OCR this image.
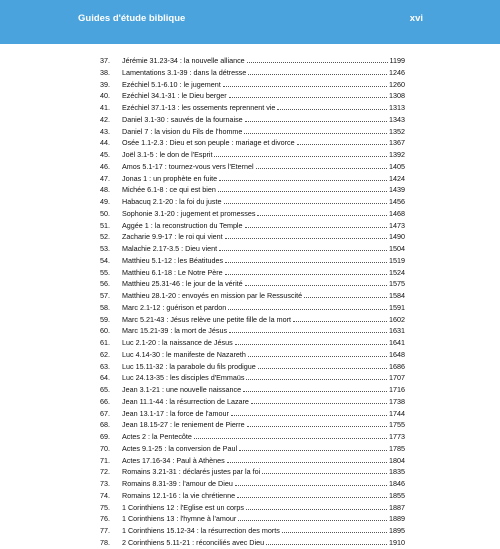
Guides d'étude biblique	xvi
37.	Jérémie 31.23-34 : la nouvelle alliance	1199
38.	Lamentations 3.1-39 : dans la détresse	1246
39.	Ezéchiel 5.1-6.10 : le jugement	1260
40.	Ezéchiel 34.1-31 : le Dieu berger	1308
41.	Ezéchiel 37.1-13 : les ossements reprennent vie	1313
42.	Daniel 3.1-30 : sauvés de la fournaise	1343
43.	Daniel 7 : la vision du Fils de l'homme	1352
44.	Osée 1.1-2.3 : Dieu et son peuple : mariage et divorce	1367
45.	Joël 3.1-5 : le don de l'Esprit	1392
46.	Amos 5.1-17 : tournez-vous vers l'Eternel	1405
47.	Jonas 1 : un prophète en fuite	1424
48.	Michée 6.1-8 : ce qui est bien	1439
49.	Habacuq 2.1-20 : la foi du juste	1456
50.	Sophonie 3.1-20 : jugement et promesses	1468
51.	Aggée 1 : la reconstruction du Temple	1473
52.	Zacharie 9.9-17 : le roi qui vient	1490
53.	Malachie 2.17-3.5 : Dieu vient	1504
54.	Matthieu 5.1-12 : les Béatitudes	1519
55.	Matthieu 6.1-18 : Le Notre Père	1524
56.	Matthieu 25.31-46 : le jour de la vérité	1575
57.	Matthieu 28.1-20 : envoyés en mission par le Ressuscité	1584
58.	Marc 2.1-12 : guérison et pardon	1591
59.	Marc 5.21-43 : Jésus relève une petite fille de la mort	1602
60.	Marc 15.21-39 : la mort de Jésus	1631
61.	Luc 2.1-20 : la naissance de Jésus	1641
62.	Luc 4.14-30 : le manifeste de Nazareth	1648
63.	Luc 15.11-32 : la parabole du fils prodigue	1686
64.	Luc 24.13-35 : les disciples d'Emmaüs	1707
65.	Jean 3.1-21 : une nouvelle naissance	1716
66.	Jean 11.1-44 : la résurrection de Lazare	1738
67.	Jean 13.1-17 : la force de l'amour	1744
68.	Jean 18.15-27 : le reniement de Pierre	1755
69.	Actes 2 : la Pentecôte	1773
70.	Actes 9.1-25 : la conversion de Paul	1785
71.	Actes 17.16-34 : Paul à Athènes	1804
72.	Romains 3.21-31 : déclarés justes par la foi	1835
73.	Romains 8.31-39 : l'amour de Dieu	1846
74.	Romains 12.1-16 : la vie chrétienne	1855
75.	1 Corinthiens 12 : l'Eglise est un corps	1887
76.	1 Corinthiens 13 : l'hymne à l'amour	1889
77.	1 Corinthiens 15.12-34 : la résurrection des morts	1895
78.	2 Corinthiens 5.11-21 : réconciliés avec Dieu	1910
